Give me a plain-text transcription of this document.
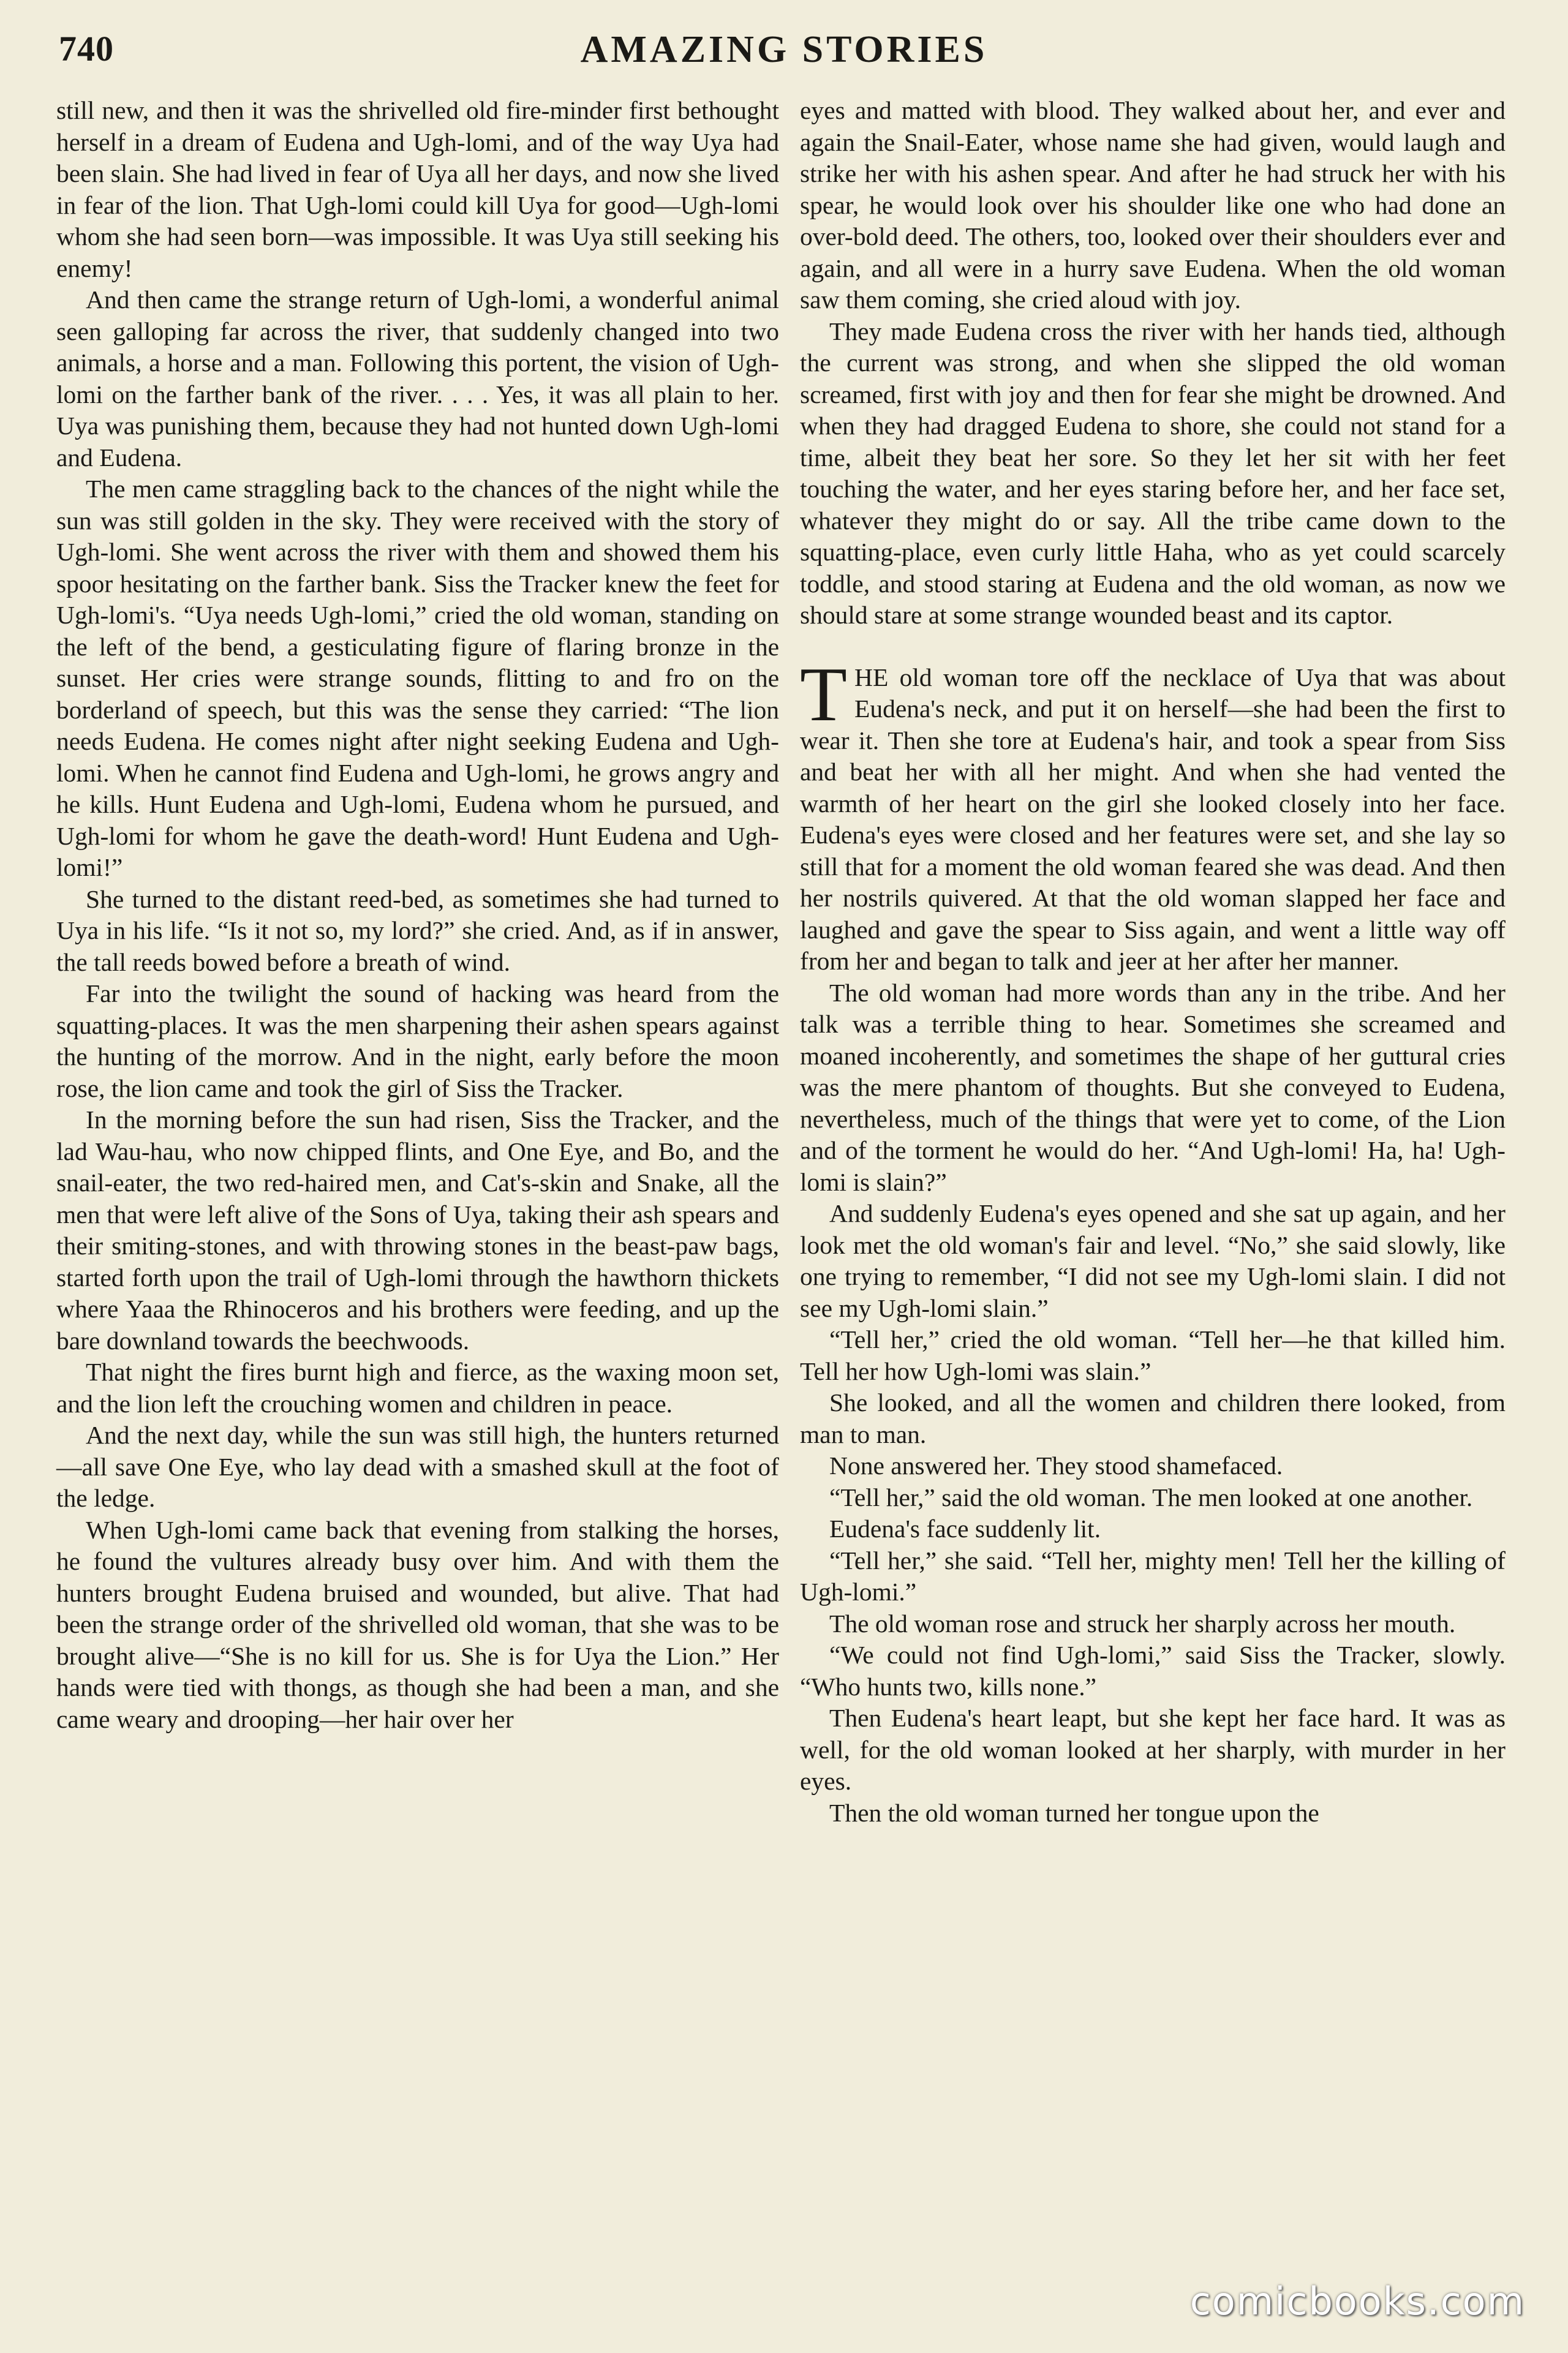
740	AMAZING STORIES

still new, and then it was the shrivelled old fire-minder first bethought herself in a dream of Eudena and Ugh-lomi, and of the way Uya had been slain. She had lived in fear of Uya all her days, and now she lived in fear of the lion. That Ugh-lomi could kill Uya for good—Ugh-lomi whom she had seen born—was impossible. It was Uya still seeking his enemy!

And then came the strange return of Ugh-lomi, a wonderful animal seen galloping far across the river, that suddenly changed into two animals, a horse and a man. Following this portent, the vision of Ugh-lomi on the farther bank of the river. . . . Yes, it was all plain to her. Uya was punishing them, because they had not hunted down Ugh-lomi and Eudena.

The men came straggling back to the chances of the night while the sun was still golden in the sky. They were received with the story of Ugh-lomi. She went across the river with them and showed them his spoor hesitating on the farther bank. Siss the Tracker knew the feet for Ugh-lomi's. “Uya needs Ugh-lomi,” cried the old woman, standing on the left of the bend, a gesticulating figure of flaring bronze in the sunset. Her cries were strange sounds, flitting to and fro on the borderland of speech, but this was the sense they carried: “The lion needs Eudena. He comes night after night seeking Eudena and Ugh-lomi. When he cannot find Eudena and Ugh-lomi, he grows angry and he kills. Hunt Eudena and Ugh-lomi, Eudena whom he pursued, and Ugh-lomi for whom he gave the death-word! Hunt Eudena and Ugh-lomi!”

She turned to the distant reed-bed, as sometimes she had turned to Uya in his life. “Is it not so, my lord?” she cried. And, as if in answer, the tall reeds bowed before a breath of wind.

Far into the twilight the sound of hacking was heard from the squatting-places. It was the men sharpening their ashen spears against the hunting of the morrow. And in the night, early before the moon rose, the lion came and took the girl of Siss the Tracker.

In the morning before the sun had risen, Siss the Tracker, and the lad Wau-hau, who now chipped flints, and One Eye, and Bo, and the snail-eater, the two red-haired men, and Cat's-skin and Snake, all the men that were left alive of the Sons of Uya, taking their ash spears and their smiting-stones, and with throwing stones in the beast-paw bags, started forth upon the trail of Ugh-lomi through the hawthorn thickets where Yaaa the Rhinoceros and his brothers were feeding, and up the bare downland towards the beechwoods.

That night the fires burnt high and fierce, as the waxing moon set, and the lion left the crouching women and children in peace.

And the next day, while the sun was still high, the hunters returned—all save One Eye, who lay dead with a smashed skull at the foot of the ledge.

When Ugh-lomi came back that evening from stalking the horses, he found the vultures already busy over him. And with them the hunters brought Eudena bruised and wounded, but alive. That had been the strange order of the shrivelled old woman, that she was to be brought alive—“She is no kill for us. She is for Uya the Lion.” Her hands were tied with thongs, as though she had been a man, and she came weary and drooping—her hair over her

eyes and matted with blood. They walked about her, and ever and again the Snail-Eater, whose name she had given, would laugh and strike her with his ashen spear. And after he had struck her with his spear, he would look over his shoulder like one who had done an over-bold deed. The others, too, looked over their shoulders ever and again, and all were in a hurry save Eudena. When the old woman saw them coming, she cried aloud with joy.

They made Eudena cross the river with her hands tied, although the current was strong, and when she slipped the old woman screamed, first with joy and then for fear she might be drowned. And when they had dragged Eudena to shore, she could not stand for a time, albeit they beat her sore. So they let her sit with her feet touching the water, and her eyes staring before her, and her face set, whatever they might do or say. All the tribe came down to the squatting-place, even curly little Haha, who as yet could scarcely toddle, and stood staring at Eudena and the old woman, as now we should stare at some strange wounded beast and its captor.

THE old woman tore off the necklace of Uya that was about Eudena's neck, and put it on herself—she had been the first to wear it. Then she tore at Eudena's hair, and took a spear from Siss and beat her with all her might. And when she had vented the warmth of her heart on the girl she looked closely into her face. Eudena's eyes were closed and her features were set, and she lay so still that for a moment the old woman feared she was dead. And then her nostrils quivered. At that the old woman slapped her face and laughed and gave the spear to Siss again, and went a little way off from her and began to talk and jeer at her after her manner.

The old woman had more words than any in the tribe. And her talk was a terrible thing to hear. Sometimes she screamed and moaned incoherently, and sometimes the shape of her guttural cries was the mere phantom of thoughts. But she conveyed to Eudena, nevertheless, much of the things that were yet to come, of the Lion and of the torment he would do her. “And Ugh-lomi! Ha, ha! Ugh-lomi is slain?”

And suddenly Eudena's eyes opened and she sat up again, and her look met the old woman's fair and level. “No,” she said slowly, like one trying to remember, “I did not see my Ugh-lomi slain. I did not see my Ugh-lomi slain.”

“Tell her,” cried the old woman. “Tell her—he that killed him. Tell her how Ugh-lomi was slain.”

She looked, and all the women and children there looked, from man to man.

None answered her. They stood shamefaced.

“Tell her,” said the old woman. The men looked at one another.

Eudena's face suddenly lit.

“Tell her,” she said. “Tell her, mighty men! Tell her the killing of Ugh-lomi.”

The old woman rose and struck her sharply across her mouth.

“We could not find Ugh-lomi,” said Siss the Tracker, slowly. “Who hunts two, kills none.”

Then Eudena's heart leapt, but she kept her face hard. It was as well, for the old woman looked at her sharply, with murder in her eyes.

Then the old woman turned her tongue upon the

comicbooks.com
